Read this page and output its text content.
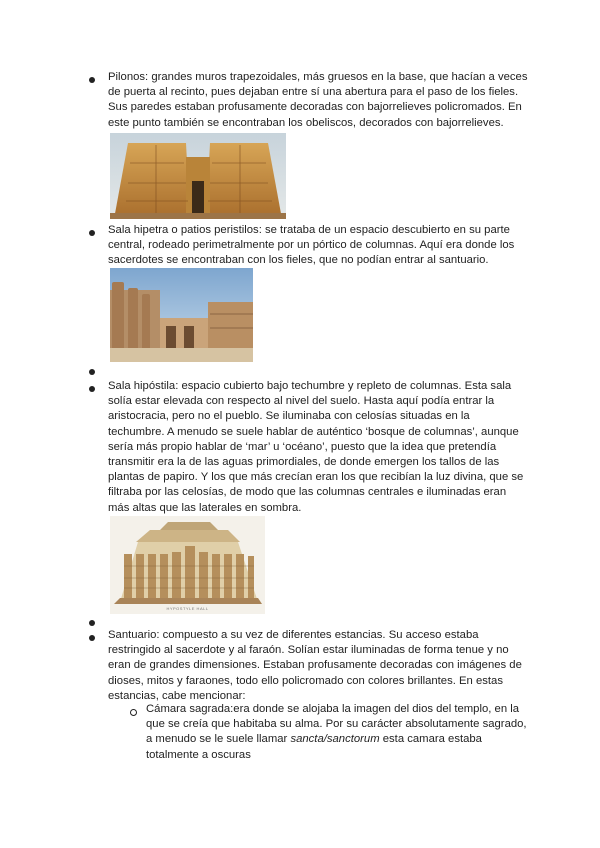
Pilonos: grandes muros trapezoidales, más gruesos en la base, que hacían a veces de puerta al recinto, pues dejaban entre sí una abertura para el paso de los fieles. Sus paredes estaban profusamente decoradas con bajorrelieves policromados. En este punto también se encontraban los obeliscos, decorados con bajorrelieves.

Sala hipetra o patios peristilos: se trataba de un espacio descubierto en su parte central, rodeado perimetralmente por un pórtico de columnas. Aquí era donde los sacerdotes se encontraban con los fieles, que no podían entrar al santuario.

Sala hipóstila: espacio cubierto bajo techumbre y repleto de columnas. Esta sala solía estar elevada con respecto al nivel del suelo. Hasta aquí podía entrar la aristocracia, pero no el pueblo. Se iluminaba con celosías situadas en la techumbre. A menudo se suele hablar de auténtico ‘bosque de columnas’, aunque sería más propio hablar de ‘mar’ u ‘océano’, puesto que la idea que pretendía transmitir era la de las aguas primordiales, de donde emergen los tallos de las plantas de papiro. Y los que más crecían eran los que recibían la luz divina, que se filtraba por las celosías, de modo que las columnas centrales e iluminadas eran más altas que las laterales en sombra.

HYPOSTYLE HALL

Santuario: compuesto a su vez de diferentes estancias. Su acceso estaba restringido al sacerdote y al faraón. Solían estar iluminadas de forma tenue y no eran de grandes dimensiones. Estaban profusamente decoradas con imágenes de dioses, mitos y faraones, todo ello policromado con colores brillantes. En estas estancias, cabe mencionar:

Cámara sagrada:era donde se alojaba la imagen del dios del templo, en la que se creía que habitaba su alma. Por su carácter absolutamente sagrado, a menudo se le suele llamar sancta/sanctorum esta camara estaba totalmente a oscuras
